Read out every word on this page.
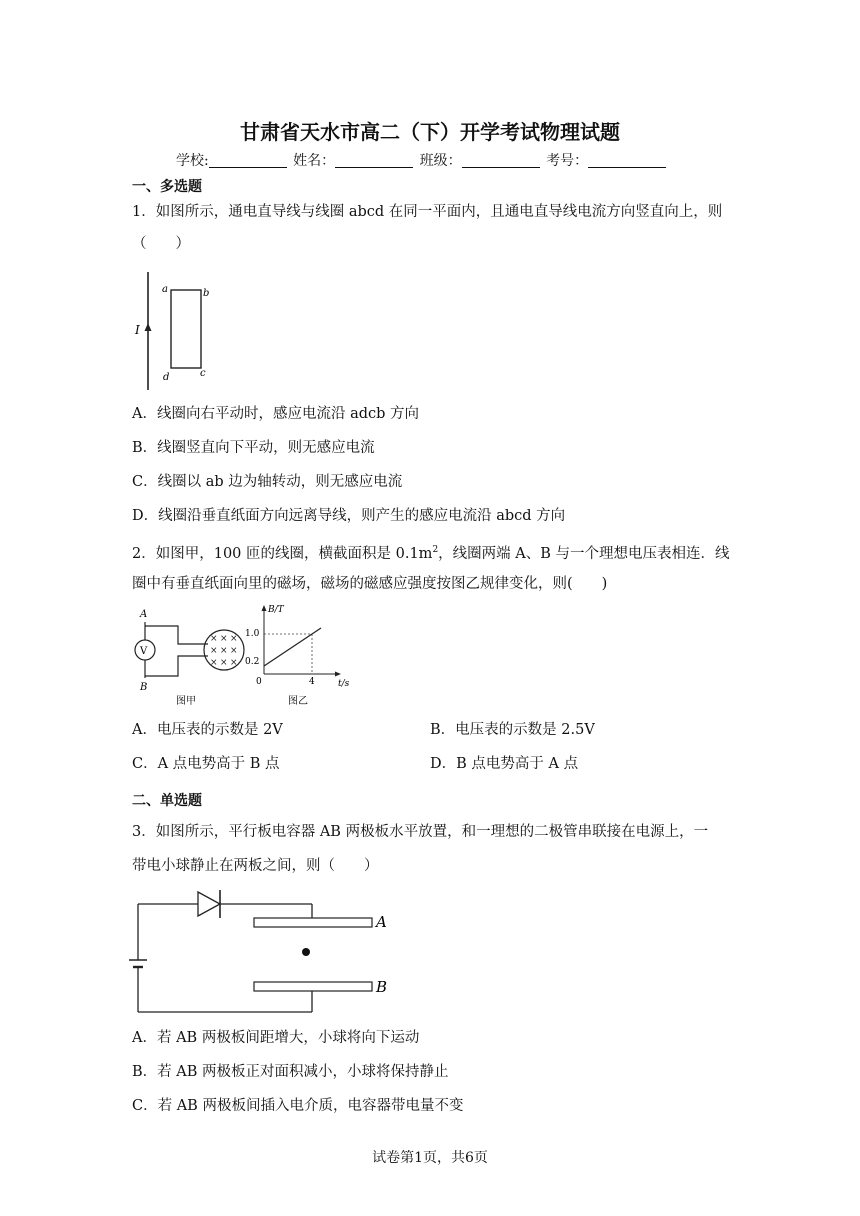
甘肃省天水市高二（下）开学考试物理试题
学校:	姓名：	班级：	考号：
一、多选题
1．如图所示，通电直导线与线圈 abcd 在同一平面内，且通电直导线电流方向竖直向上，则
（　　）
I
a	b
c
d
A．线圈向右平动时，感应电流沿 adcb 方向
B．线圈竖直向下平动，则无感应电流
C．线圈以 ab 边为轴转动，则无感应电流
D．线圈沿垂直纸面方向远离导线，则产生的感应电流沿 abcd 方向
2．如图甲，100 匝的线圈，横截面积是 $0.1m^2$，线圈两端 A、B 与一个理想电压表相连．线
圈中有垂直纸面向里的磁场，磁场的磁感应强度按图乙规律变化，则(　　)
A
B
V
× × ×
× × ×
× × ×
图甲
B/T
t/s
1.0
0.2
0	4
图乙
A．电压表的示数是 2V	B．电压表的示数是 2.5V
C．A 点电势高于 B 点	D．B 点电势高于 A 点
二、单选题
3．如图所示，平行板电容器 AB 两极板水平放置，和一理想的二极管串联接在电源上，一
带电小球静止在两板之间，则（　　）
A
B
A．若 AB 两极板间距增大，小球将向下运动
B．若 AB 两极板正对面积减小，小球将保持静止
C．若 AB 两极板间插入电介质，电容器带电量不变
试卷第1页，共6页
